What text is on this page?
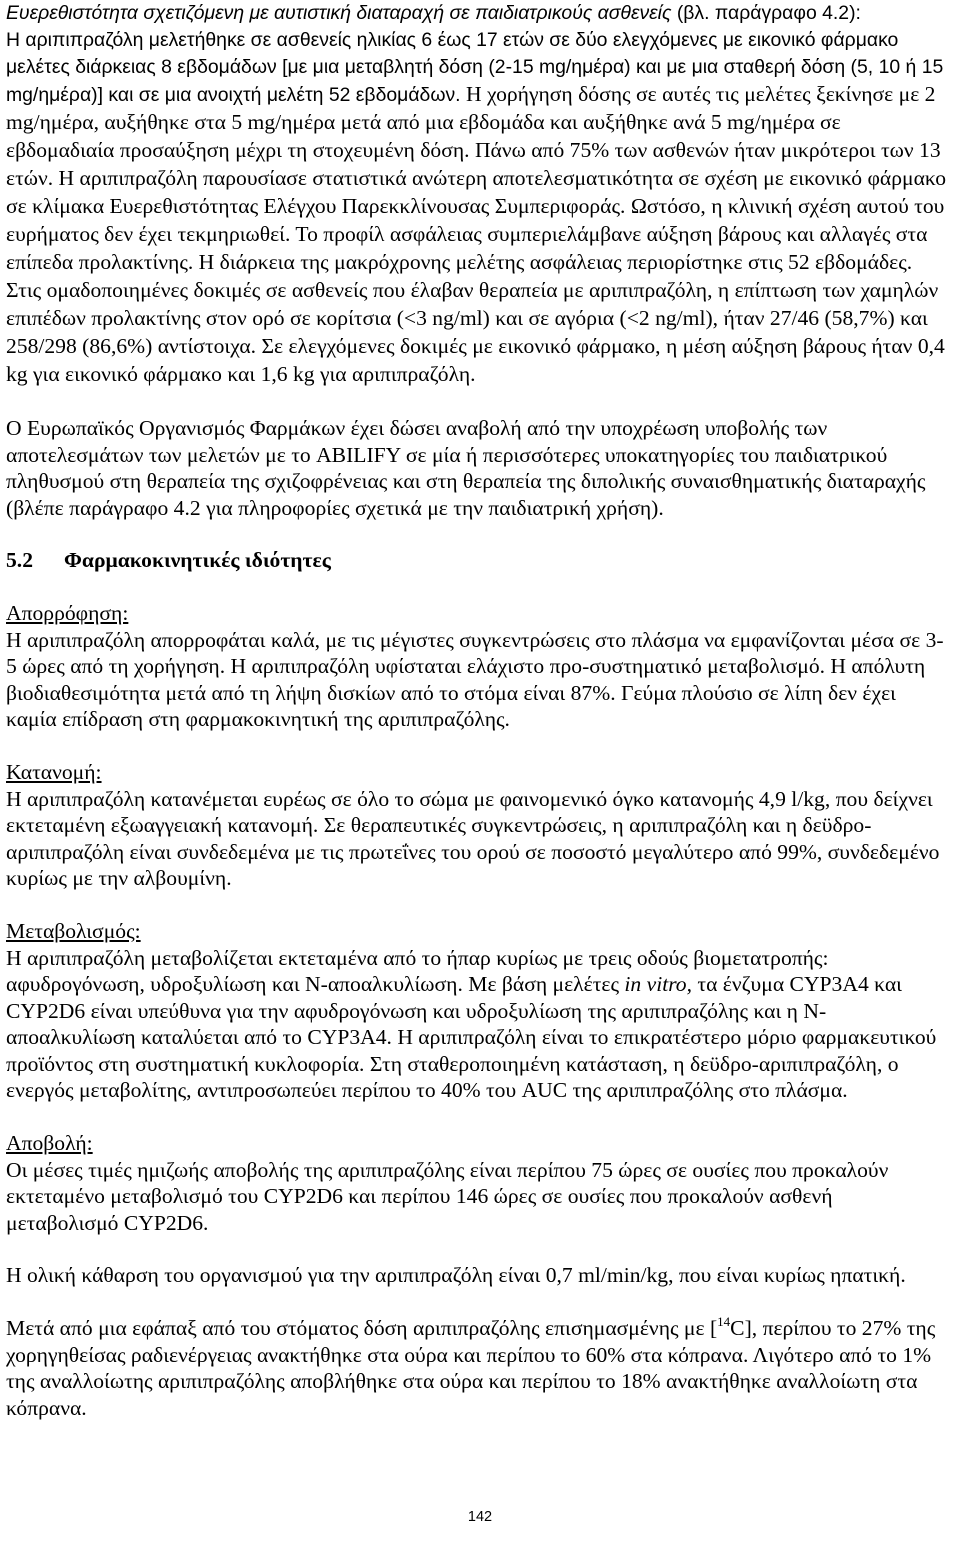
Ευερεθιστότητα σχετιζόμενη με αυτιστική διαταραχή σε παιδιατρικούς ασθενείς (βλ. παράγραφο 4.2):
Η αριπιπραζόλη μελετήθηκε σε ασθενείς ηλικίας 6 έως 17 ετών σε δύο ελεγχόμενες με εικονικό φάρμακο μελέτες διάρκειας 8 εβδομάδων [με μια μεταβλητή δόση (2-15 mg/ημέρα) και με μια σταθερή δόση (5, 10 ή 15 mg/ημέρα)] και σε μια ανοιχτή μελέτη 52 εβδομάδων. Η χορήγηση δόσης σε αυτές τις μελέτες ξεκίνησε με 2 mg/ημέρα, αυξήθηκε στα 5 mg/ημέρα μετά από μια εβδομάδα και αυξήθηκε ανά 5 mg/ημέρα σε εβδομαδιαία προσαύξηση μέχρι τη στοχευμένη δόση. Πάνω από 75% των ασθενών ήταν μικρότεροι των 13 ετών. Η αριπιπραζόλη παρουσίασε στατιστικά ανώτερη αποτελεσματικότητα σε σχέση με εικονικό φάρμακο σε κλίμακα Ευερεθιστότητας Ελέγχου Παρεκκλίνουσας Συμπεριφοράς. Ωστόσο, η κλινική σχέση αυτού του ευρήματος δεν έχει τεκμηριωθεί. Το προφίλ ασφάλειας συμπεριελάμβανε αύξηση βάρους και αλλαγές στα επίπεδα προλακτίνης. Η διάρκεια της μακρόχρονης μελέτης ασφάλειας περιορίστηκε στις 52 εβδομάδες. Στις ομαδοποιημένες δοκιμές σε ασθενείς που έλαβαν θεραπεία με αριπιπραζόλη, η επίπτωση των χαμηλών επιπέδων προλακτίνης στον ορό σε κορίτσια (<3 ng/ml) και σε αγόρια (<2 ng/ml), ήταν 27/46 (58,7%) και 258/298 (86,6%) αντίστοιχα. Σε ελεγχόμενες δοκιμές με εικονικό φάρμακο, η μέση αύξηση βάρους ήταν 0,4 kg για εικονικό φάρμακο και 1,6 kg για αριπιπραζόλη.

Ο Ευρωπαϊκός Οργανισμός Φαρμάκων έχει δώσει αναβολή από την υποχρέωση υποβολής των αποτελεσμάτων των μελετών με το ABILIFY σε μία ή περισσότερες υποκατηγορίες του παιδιατρικού πληθυσμού στη θεραπεία της σχιζοφρένειας και στη θεραπεία της διπολικής συναισθηματικής διαταραχής (βλέπε παράγραφο 4.2 για πληροφορίες σχετικά με την παιδιατρική χρήση).

5.2 Φαρμακοκινητικές ιδιότητες

Απορρόφηση:

Η αριπιπραζόλη απορροφάται καλά, με τις μέγιστες συγκεντρώσεις στο πλάσμα να εμφανίζονται μέσα σε 3-5 ώρες από τη χορήγηση. Η αριπιπραζόλη υφίσταται ελάχιστο προ-συστηματικό μεταβολισμό. Η απόλυτη βιοδιαθεσιμότητα μετά από τη λήψη δισκίων από το στόμα είναι 87%. Γεύμα πλούσιο σε λίπη δεν έχει καμία επίδραση στη φαρμακοκινητική της αριπιπραζόλης.

Κατανομή:

Η αριπιπραζόλη κατανέμεται ευρέως σε όλο το σώμα με φαινομενικό όγκο κατανομής 4,9 l/kg, που δείχνει εκτεταμένη εξωαγγειακή κατανομή. Σε θεραπευτικές συγκεντρώσεις, η αριπιπραζόλη και η δεϋδρο-αριπιπραζόλη είναι συνδεδεμένα με τις πρωτεΐνες του ορού σε ποσοστό μεγαλύτερο από 99%, συνδεδεμένο κυρίως με την αλβουμίνη.

Μεταβολισμός:

Η αριπιπραζόλη μεταβολίζεται εκτεταμένα από το ήπαρ κυρίως με τρεις οδούς βιομετατροπής: αφυδρογόνωση, υδροξυλίωση και Ν-αποαλκυλίωση. Με βάση μελέτες in vitro, τα ένζυμα CYP3A4 και CYP2D6 είναι υπεύθυνα για την αφυδρογόνωση και υδροξυλίωση της αριπιπραζόλης και η Ν-αποαλκυλίωση καταλύεται από το CYP3A4. Η αριπιπραζόλη είναι το επικρατέστερο μόριο φαρμακευτικού προϊόντος στη συστηματική κυκλοφορία. Στη σταθεροποιημένη κατάσταση, η δεϋδρο-αριπιπραζόλη, ο ενεργός μεταβολίτης, αντιπροσωπεύει περίπου το 40% του AUC της αριπιπραζόλης στο πλάσμα.

Αποβολή:

Οι μέσες τιμές ημιζωής αποβολής της αριπιπραζόλης είναι περίπου 75 ώρες σε ουσίες που προκαλούν εκτεταμένο μεταβολισμό του CYP2D6 και περίπου 146 ώρες σε ουσίες που προκαλούν ασθενή μεταβολισμό CYP2D6.

Η ολική κάθαρση του οργανισμού για την αριπιπραζόλη είναι 0,7 ml/min/kg, που είναι κυρίως ηπατική.

Μετά από μια εφάπαξ από του στόματος δόση αριπιπραζόλης επισημασμένης με [$^{14}$C], περίπου το 27% της χορηγηθείσας ραδιενέργειας ανακτήθηκε στα ούρα και περίπου το 60% στα κόπρανα. Λιγότερο από το 1% της αναλλοίωτης αριπιπραζόλης αποβλήθηκε στα ούρα και περίπου το 18% ανακτήθηκε αναλλοίωτη στα κόπρανα.

142
